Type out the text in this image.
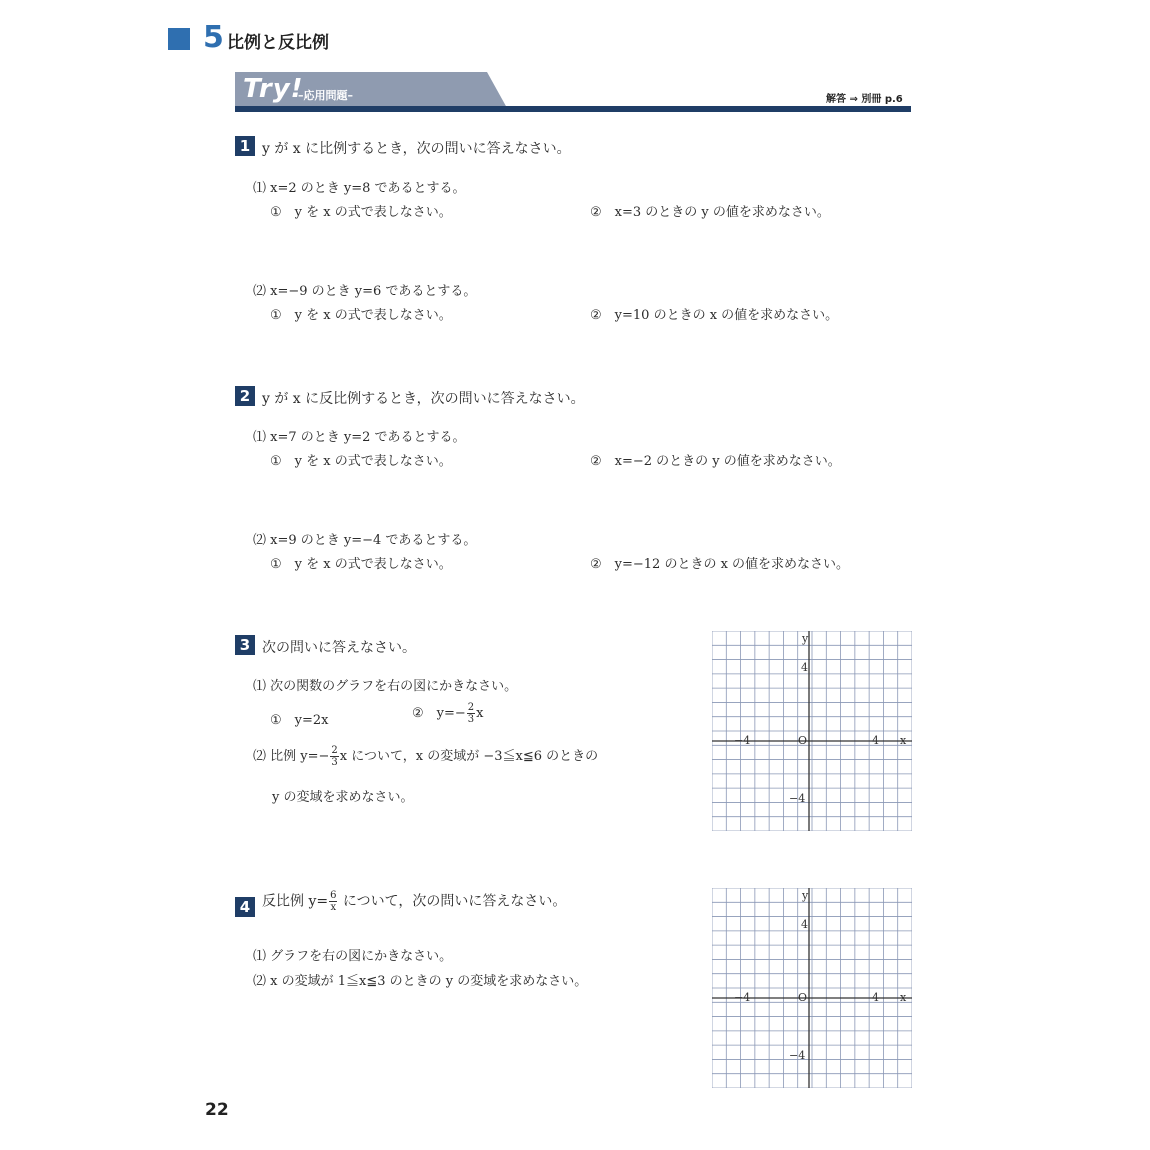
5 比例と反比例
Try!
–応用問題–	解答 ⇒ 別冊 p.6
1 y が x に比例するとき，次の問いに答えなさい。
⑴ x=2 のとき y=8 であるとする。
①　y を x の式で表しなさい。	②　x=3 のときの y の値を求めなさい。
⑵ x=−9 のとき y=6 であるとする。
①　y を x の式で表しなさい。	②　y=10 のときの x の値を求めなさい。
2 y が x に反比例するとき，次の問いに答えなさい。
⑴ x=7 のとき y=2 であるとする。
①　y を x の式で表しなさい。	②　x=−2 のときの y の値を求めなさい。
⑵ x=9 のとき y=−4 であるとする。
①　y を x の式で表しなさい。	②　y=−12 のときの x の値を求めなさい。
3 次の問いに答えなさい。
⑴ 次の関数のグラフを右の図にかきなさい。
①　y=2x	②　$y=- \frac{2}{3}$ x
⑵ 比例 $y=- \frac{2}{3}$ x について，x の変域が −3≦x≦6 のときの
y の変域を求めなさい。
4 反比例 $y= \frac{6}{x}$ について，次の問いに答えなさい。
⑴ グラフを右の図にかきなさい。
⑵ x の変域が 1≦x≦3 のときの y の変域を求めなさい。
y
4
−4	O	4 x
−4
y
4
−4	O	4 x
−4
22
